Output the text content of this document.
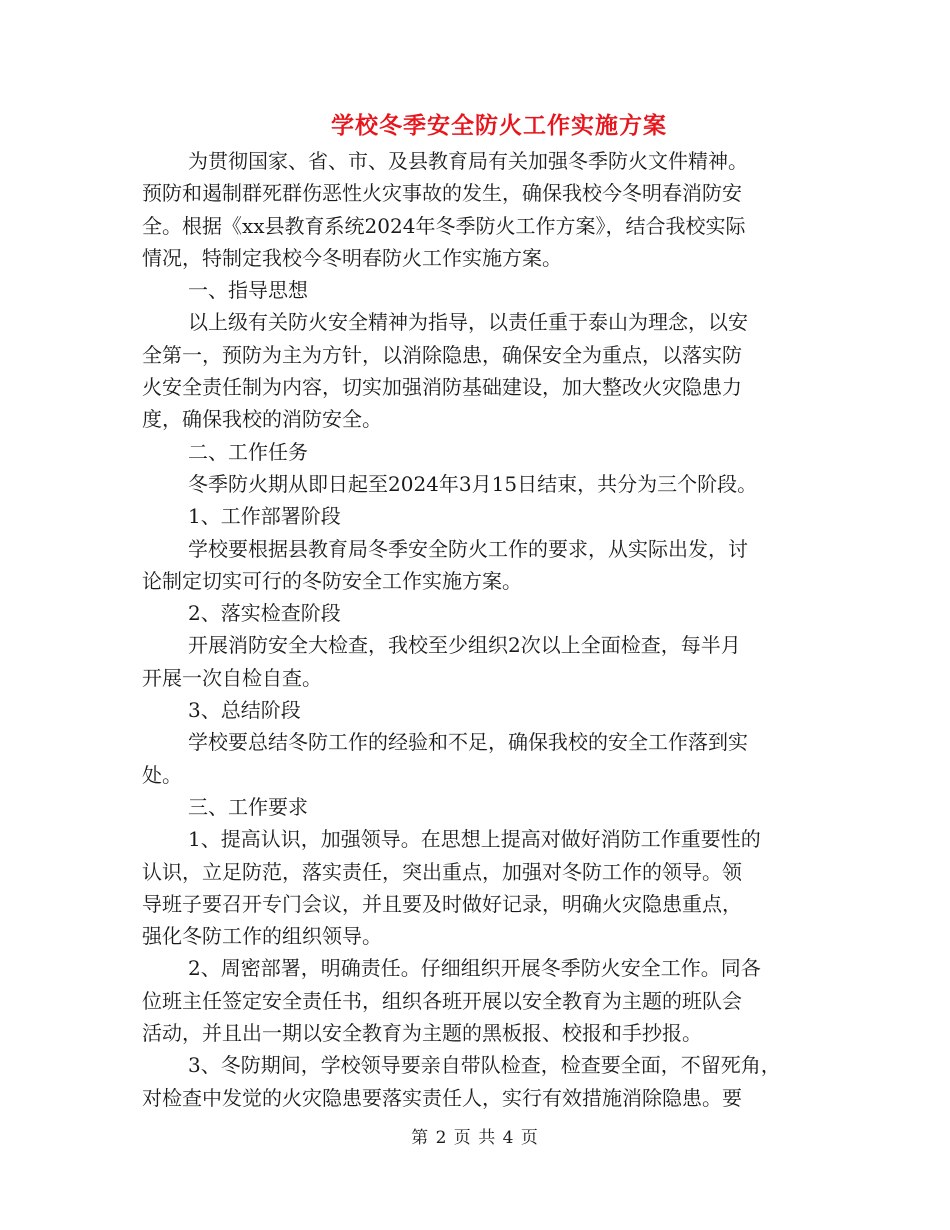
学校冬季安全防火工作实施方案

为贯彻国家、省、市、及县教育局有关加强冬季防火文件精神。

预防和遏制群死群伤恶性火灾事故的发生，确保我校今冬明春消防安

全。根据《xx县教育系统2024年冬季防火工作方案》，结合我校实际

情况，特制定我校今冬明春防火工作实施方案。

一、指导思想

以上级有关防火安全精神为指导，以责任重于泰山为理念，以安

全第一，预防为主为方针，以消除隐患，确保安全为重点，以落实防

火安全责任制为内容，切实加强消防基础建设，加大整改火灾隐患力

度，确保我校的消防安全。

二、工作任务

冬季防火期从即日起至2024年3月15日结束，共分为三个阶段。

1、工作部署阶段

学校要根据县教育局冬季安全防火工作的要求，从实际出发，讨

论制定切实可行的冬防安全工作实施方案。

2、落实检查阶段

开展消防安全大检查，我校至少组织2次以上全面检查，每半月

开展一次自检自查。

3、总结阶段

学校要总结冬防工作的经验和不足，确保我校的安全工作落到实

处。

三、工作要求

1、提高认识，加强领导。在思想上提高对做好消防工作重要性的

认识，立足防范，落实责任，突出重点，加强对冬防工作的领导。领

导班子要召开专门会议，并且要及时做好记录，明确火灾隐患重点，

强化冬防工作的组织领导。

2、周密部署，明确责任。仔细组织开展冬季防火安全工作。同各

位班主任签定安全责任书，组织各班开展以安全教育为主题的班队会

活动，并且出一期以安全教育为主题的黑板报、校报和手抄报。

3、冬防期间，学校领导要亲自带队检查，检查要全面，不留死角，

对检查中发觉的火灾隐患要落实责任人，实行有效措施消除隐患。要

第 2 页 共 4 页
